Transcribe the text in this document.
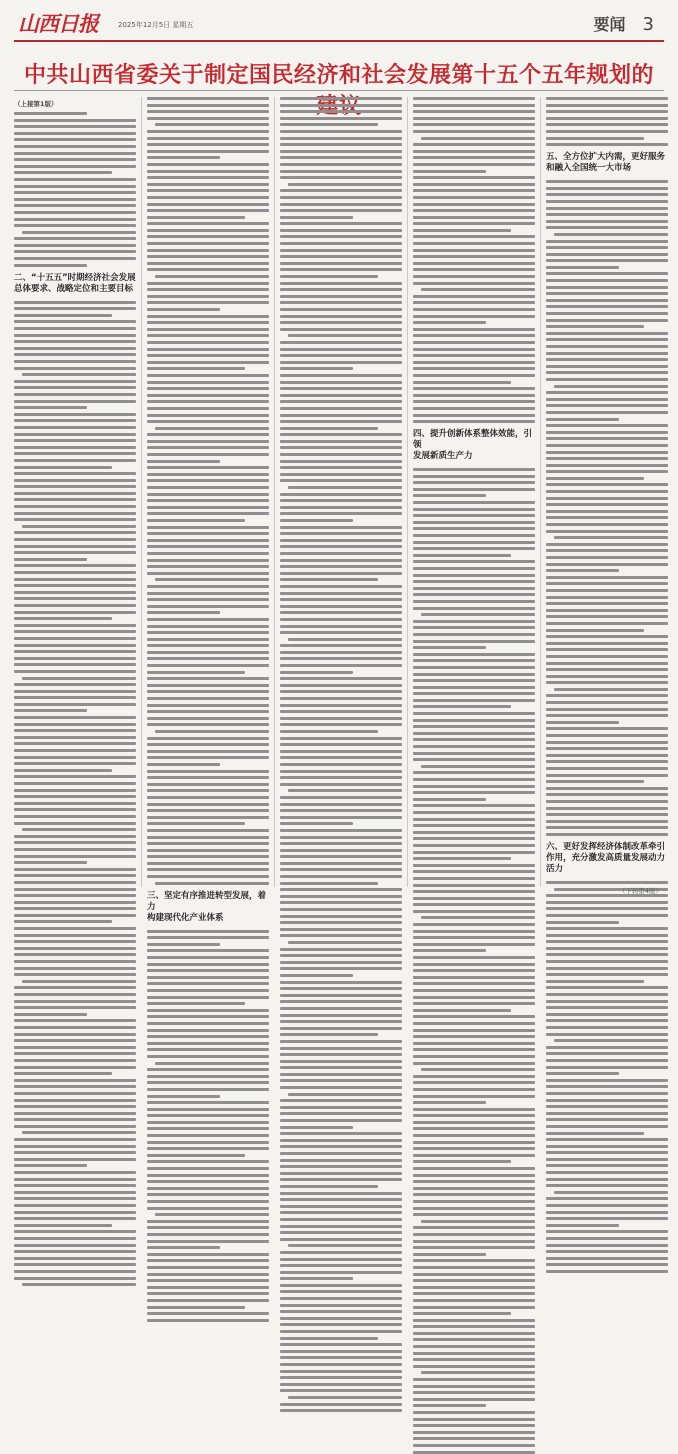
山西日报	2025年12月5日 星期五	要闻 3
中共山西省委关于制定国民经济和社会发展第十五个五年规划的
（上接第1版）
二、“十五五”时期经济社会发展
总体要求、战略定位和主要目标
三、坚定有序推进转型发展，着力
构建现代化产业体系
四、提升创新体系整体效能，引领
发展新质生产力
五、全方位扩大内需，更好服务
和融入全国统一大市场
六、更好发挥经济体制改革牵引
作用，充分激发高质量发展动力活力
（下转第4版）
